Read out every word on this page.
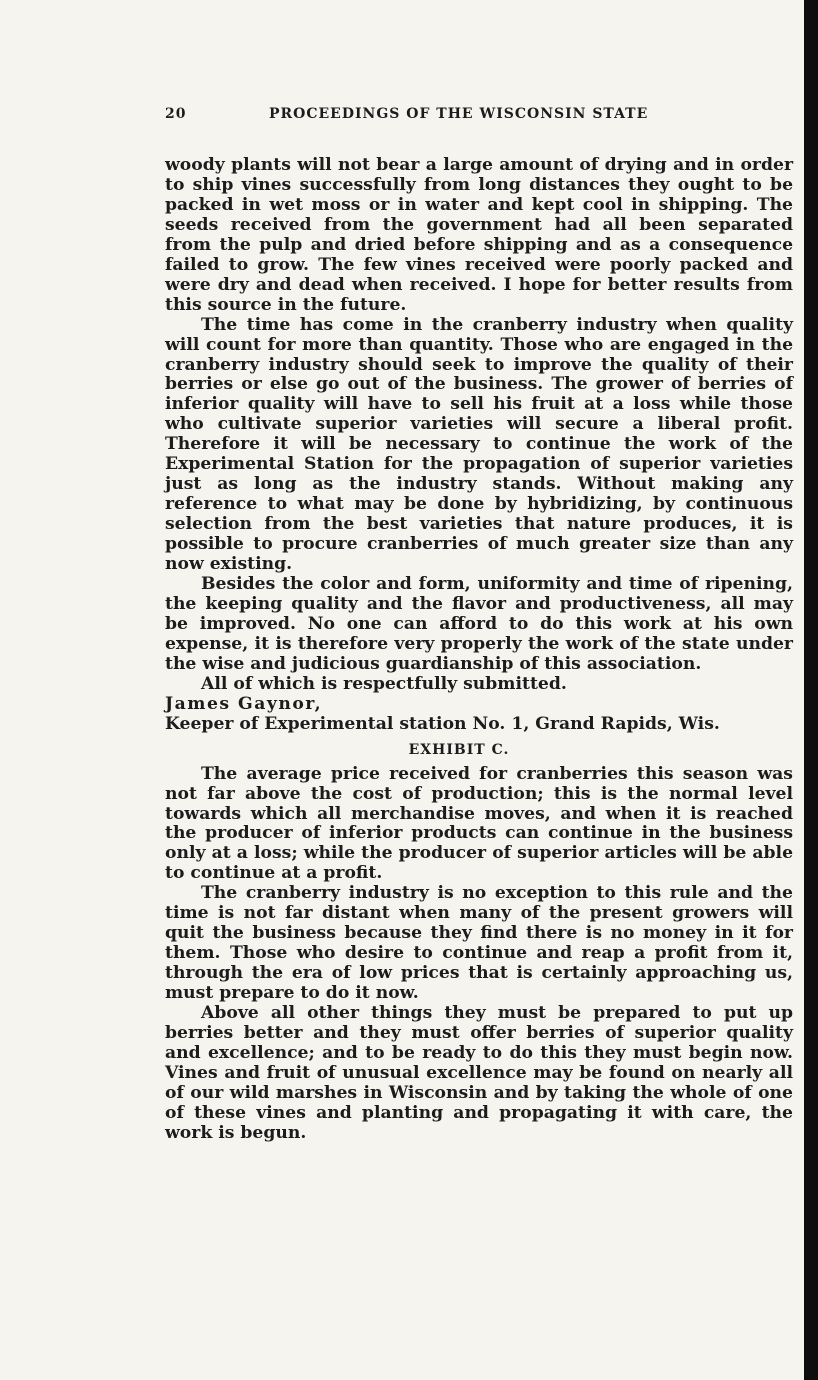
20	PROCEEDINGS OF THE WISCONSIN STATE

woody plants will not bear a large amount of drying and in order to ship vines successfully from long distances they ought to be packed in wet moss or in water and kept cool in shipping. The seeds received from the government had all been separated from the pulp and dried before shipping and as a consequence failed to grow. The few vines received were poorly packed and were dry and dead when received. I hope for better results from this source in the future.

The time has come in the cranberry industry when quality will count for more than quantity. Those who are engaged in the cranberry industry should seek to improve the quality of their berries or else go out of the business. The grower of berries of inferior quality will have to sell his fruit at a loss while those who cultivate superior varieties will secure a liberal profit. Therefore it will be necessary to continue the work of the Experimental Station for the propagation of superior varieties just as long as the industry stands. Without making any reference to what may be done by hybridizing, by continuous selection from the best varieties that nature produces, it is possible to procure cranberries of much greater size than any now existing.

Besides the color and form, uniformity and time of ripening, the keeping quality and the flavor and productiveness, all may be improved. No one can afford to do this work at his own expense, it is therefore very properly the work of the state under the wise and judicious guardianship of this association.

All of which is respectfully submitted.

James Gaynor,

Keeper of Experimental station No. 1, Grand Rapids, Wis.

EXHIBIT C.

The average price received for cranberries this season was not far above the cost of production; this is the normal level towards which all merchandise moves, and when it is reached the producer of inferior products can continue in the business only at a loss; while the producer of superior articles will be able to continue at a profit.

The cranberry industry is no exception to this rule and the time is not far distant when many of the present growers will quit the business because they find there is no money in it for them. Those who desire to continue and reap a profit from it, through the era of low prices that is certainly approaching us, must prepare to do it now.

Above all other things they must be prepared to put up berries better and they must offer berries of superior quality and excellence; and to be ready to do this they must begin now. Vines and fruit of unusual excellence may be found on nearly all of our wild marshes in Wisconsin and by taking the whole of one of these vines and planting and propagating it with care, the work is begun.
